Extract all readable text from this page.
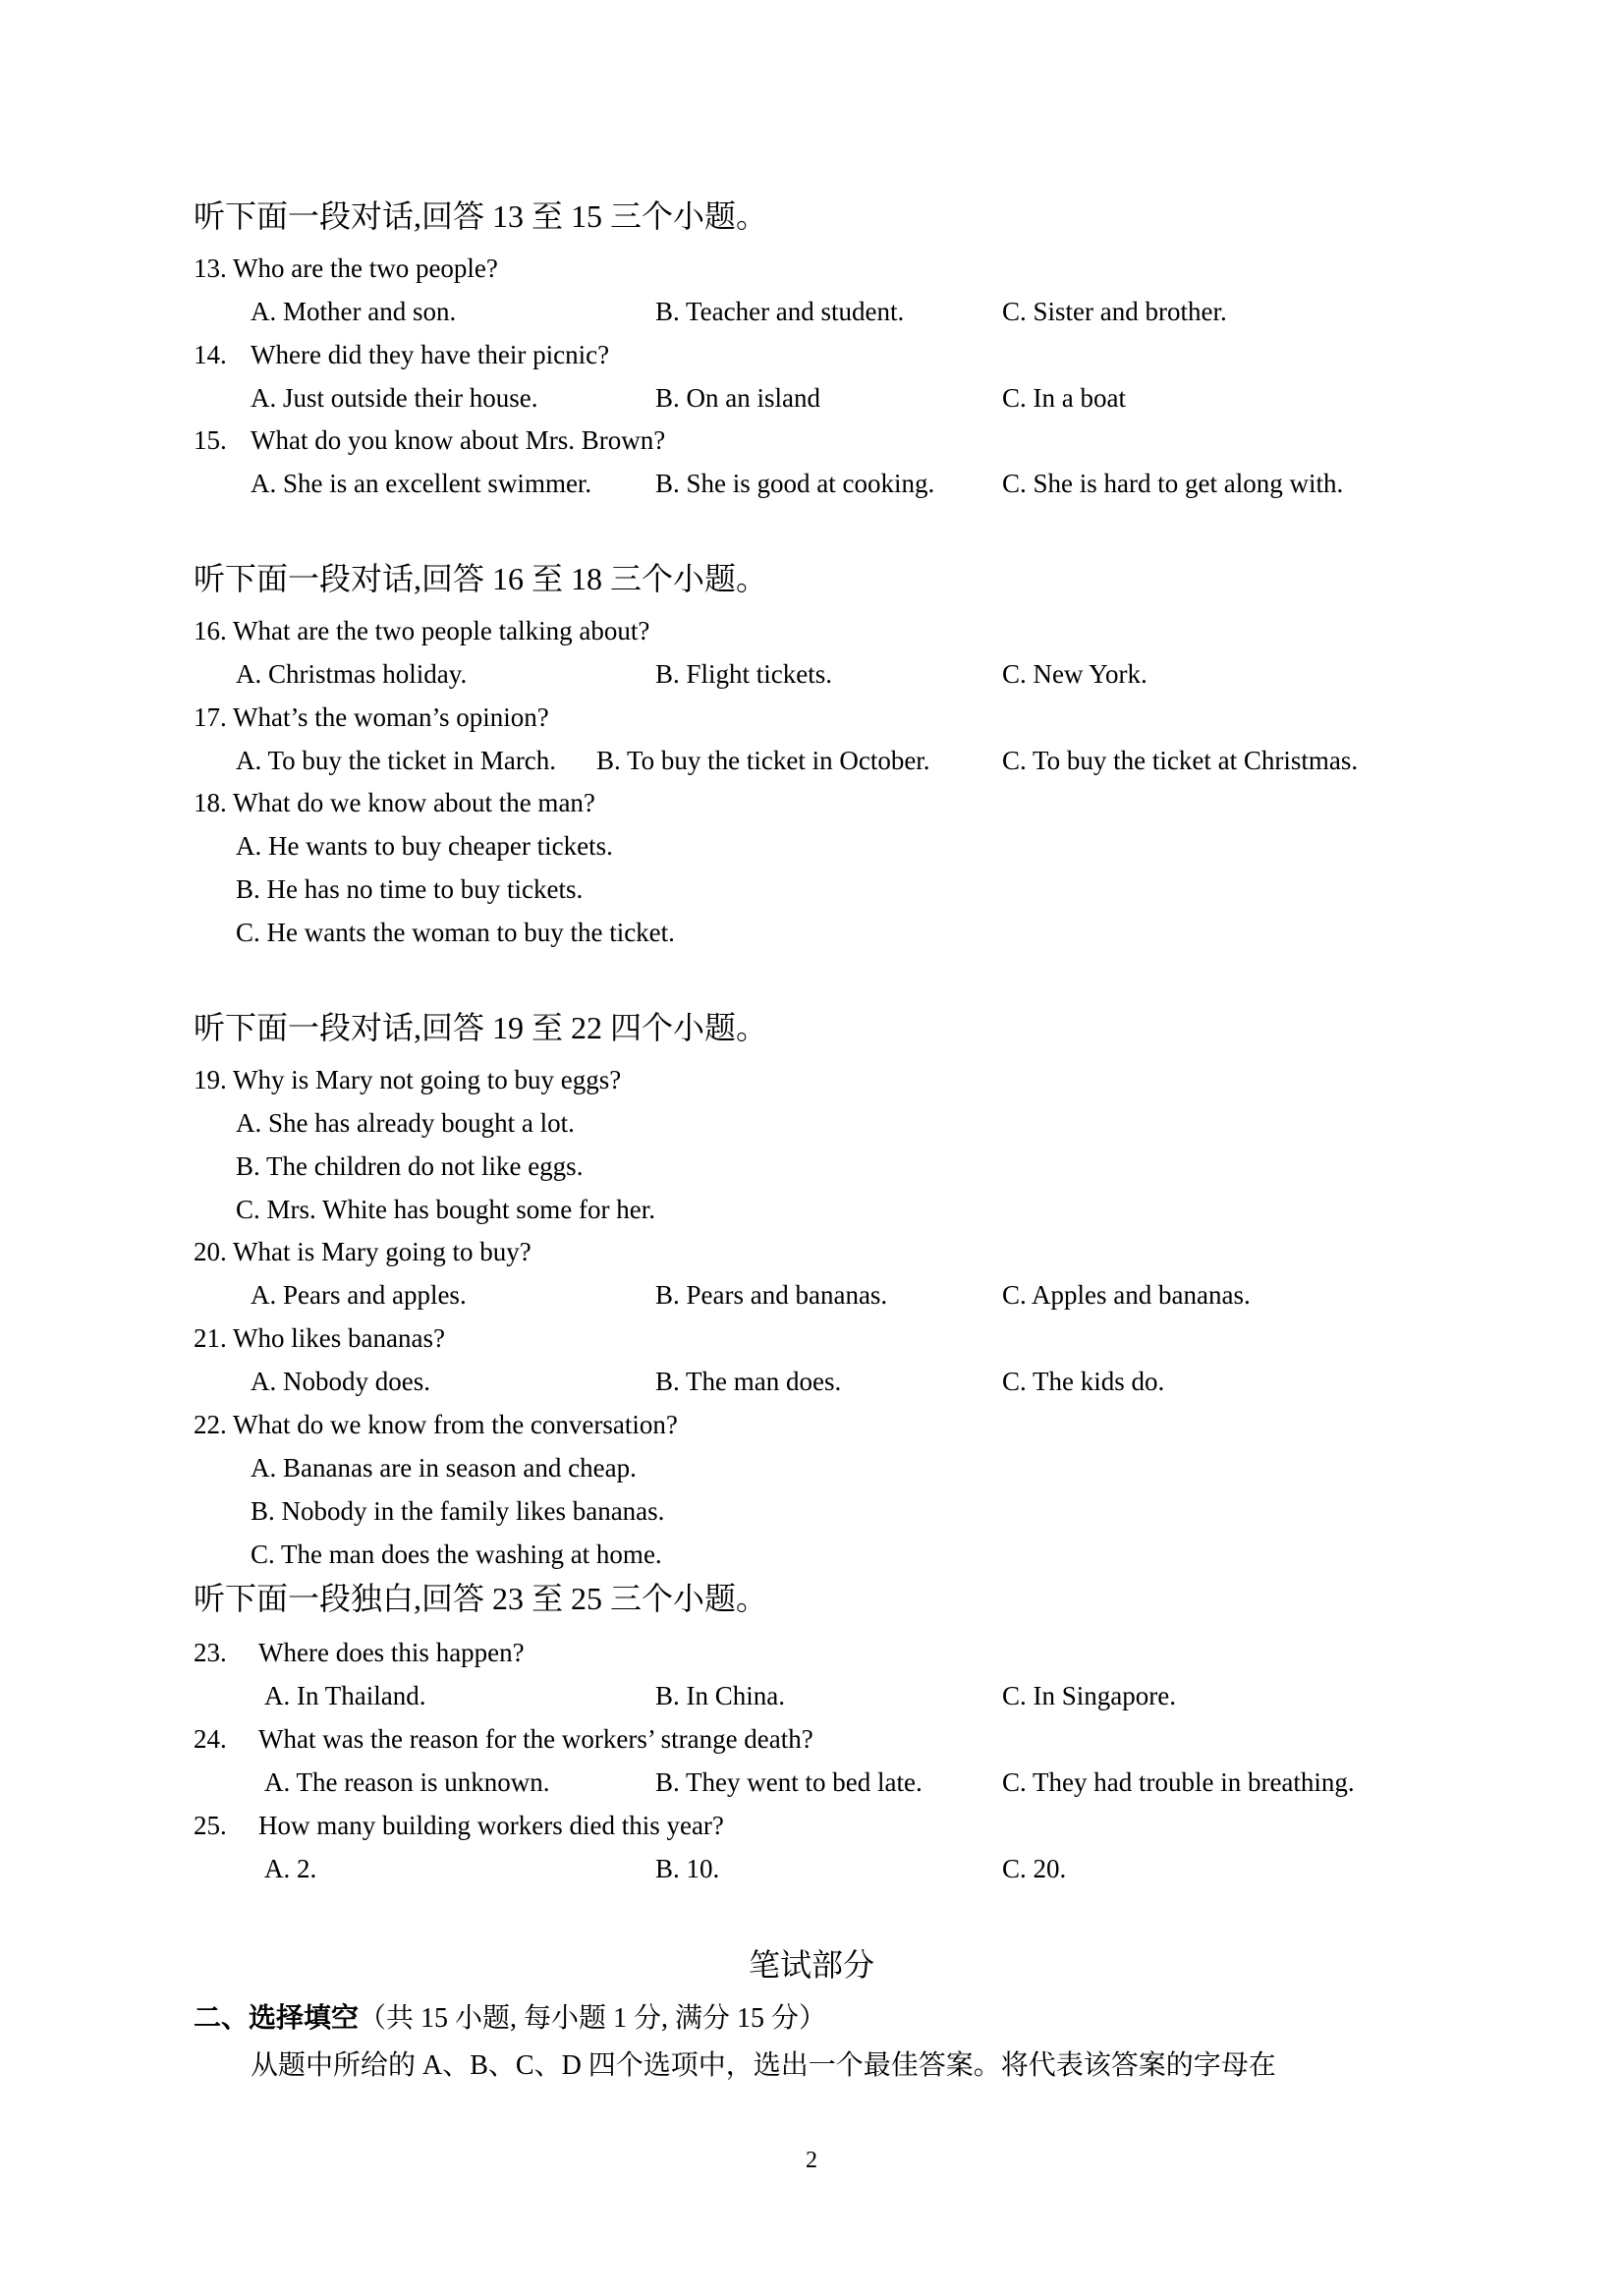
听下面一段对话,回答 13 至 15 三个小题。
13. Who are the two people?
A. Mother and son.	B. Teacher and student.	C. Sister and brother.
14. Where did they have their picnic?
A. Just outside their house.	B. On an island	C. In a boat
15. What do you know about Mrs. Brown?
A. She is an excellent swimmer. B. She is good at cooking.	C. She is hard to get along with.
听下面一段对话,回答 16 至 18 三个小题。
16. What are the two people talking about?
A. Christmas holiday.	B. Flight tickets.	C. New York.
17. What’s the woman’s opinion?
A. To buy the ticket in March. B. To buy the ticket in October.	C. To buy the ticket at Christmas.
18. What do we know about the man?
A. He wants to buy cheaper tickets.
B. He has no time to buy tickets.
C. He wants the woman to buy the ticket.
听下面一段对话,回答 19 至 22 四个小题。
19. Why is Mary not going to buy eggs?
A. She has already bought a lot.
B. The children do not like eggs.
C. Mrs. White has bought some for her.
20. What is Mary going to buy?
A. Pears and apples.	B. Pears and bananas.	C. Apples and bananas.
21. Who likes bananas?
A. Nobody does.	B. The man does.	C. The kids do.
22. What do we know from the conversation?
A. Bananas are in season and cheap.
B. Nobody in the family likes bananas.
C. The man does the washing at home.
听下面一段独白,回答 23 至 25 三个小题。
23. Where does this happen?
A. In Thailand.	B. In China.	C. In Singapore.
24. What was the reason for the workers’ strange death?
A. The reason is unknown.	B. They went to bed late.	C. They had trouble in breathing.
25. How many building workers died this year?
A. 2.	B. 10.	C. 20.
笔试部分
二、选择填空（共 15 小题, 每小题 1 分, 满分 15 分）
从题中所给的 A、B、C、D 四个选项中，选出一个最佳答案。将代表该答案的字母在
2
